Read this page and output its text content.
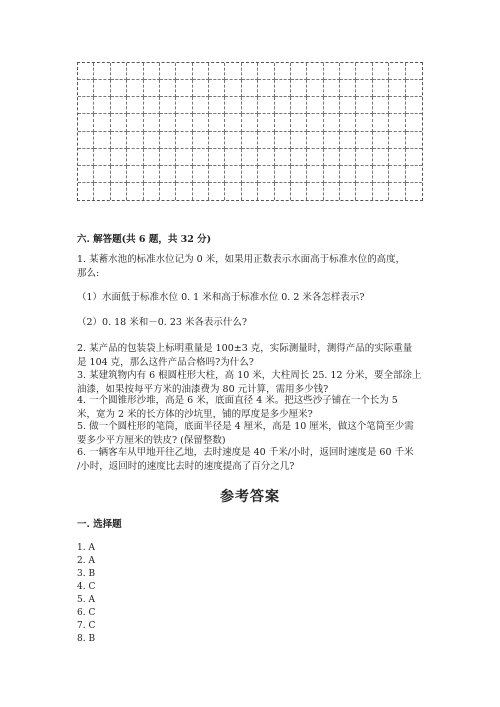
六. 解答题(共 6 题，共 32 分)

1. 某蓄水池的标准水位记为 0 米，如果用正数表示水面高于标准水位的高度，

那么:

（1）水面低于标准水位 0. 1 米和高于标准水位 0. 2 米各怎样表示?
（2）0. 18 米和－0. 23 米各表示什么?

2. 某产品的包装袋上标明重量是 100±3 克，实际测量时，测得产品的实际重量

是 104 克，那么这件产品合格吗?为什么?

3. 某建筑物内有 6 根圆柱形大柱，高 10 米，大柱周长 25. 12 分米，要全部涂上

油漆，如果按每平方米的油漆费为 80 元计算，需用多少钱?

4. 一个圆锥形沙堆，高是 6 米，底面直径 4 米。把这些沙子铺在一个长为 5

米，宽为 2 米的长方体的沙坑里，铺的厚度是多少厘米?

5. 做一个圆柱形的笔筒，底面半径是 4 厘米，高是 10 厘米，做这个笔筒至少需

要多少平方厘米的铁皮? (保留整数)

6. 一辆客车从甲地开往乙地，去时速度是 40 千米/小时，返回时速度是 60 千米

/小时，返回时的速度比去时的速度提高了百分之几?

参考答案
一. 选择题
1. A
2. A
3. B
4. C
5. A
6. C
7. C
8. B
